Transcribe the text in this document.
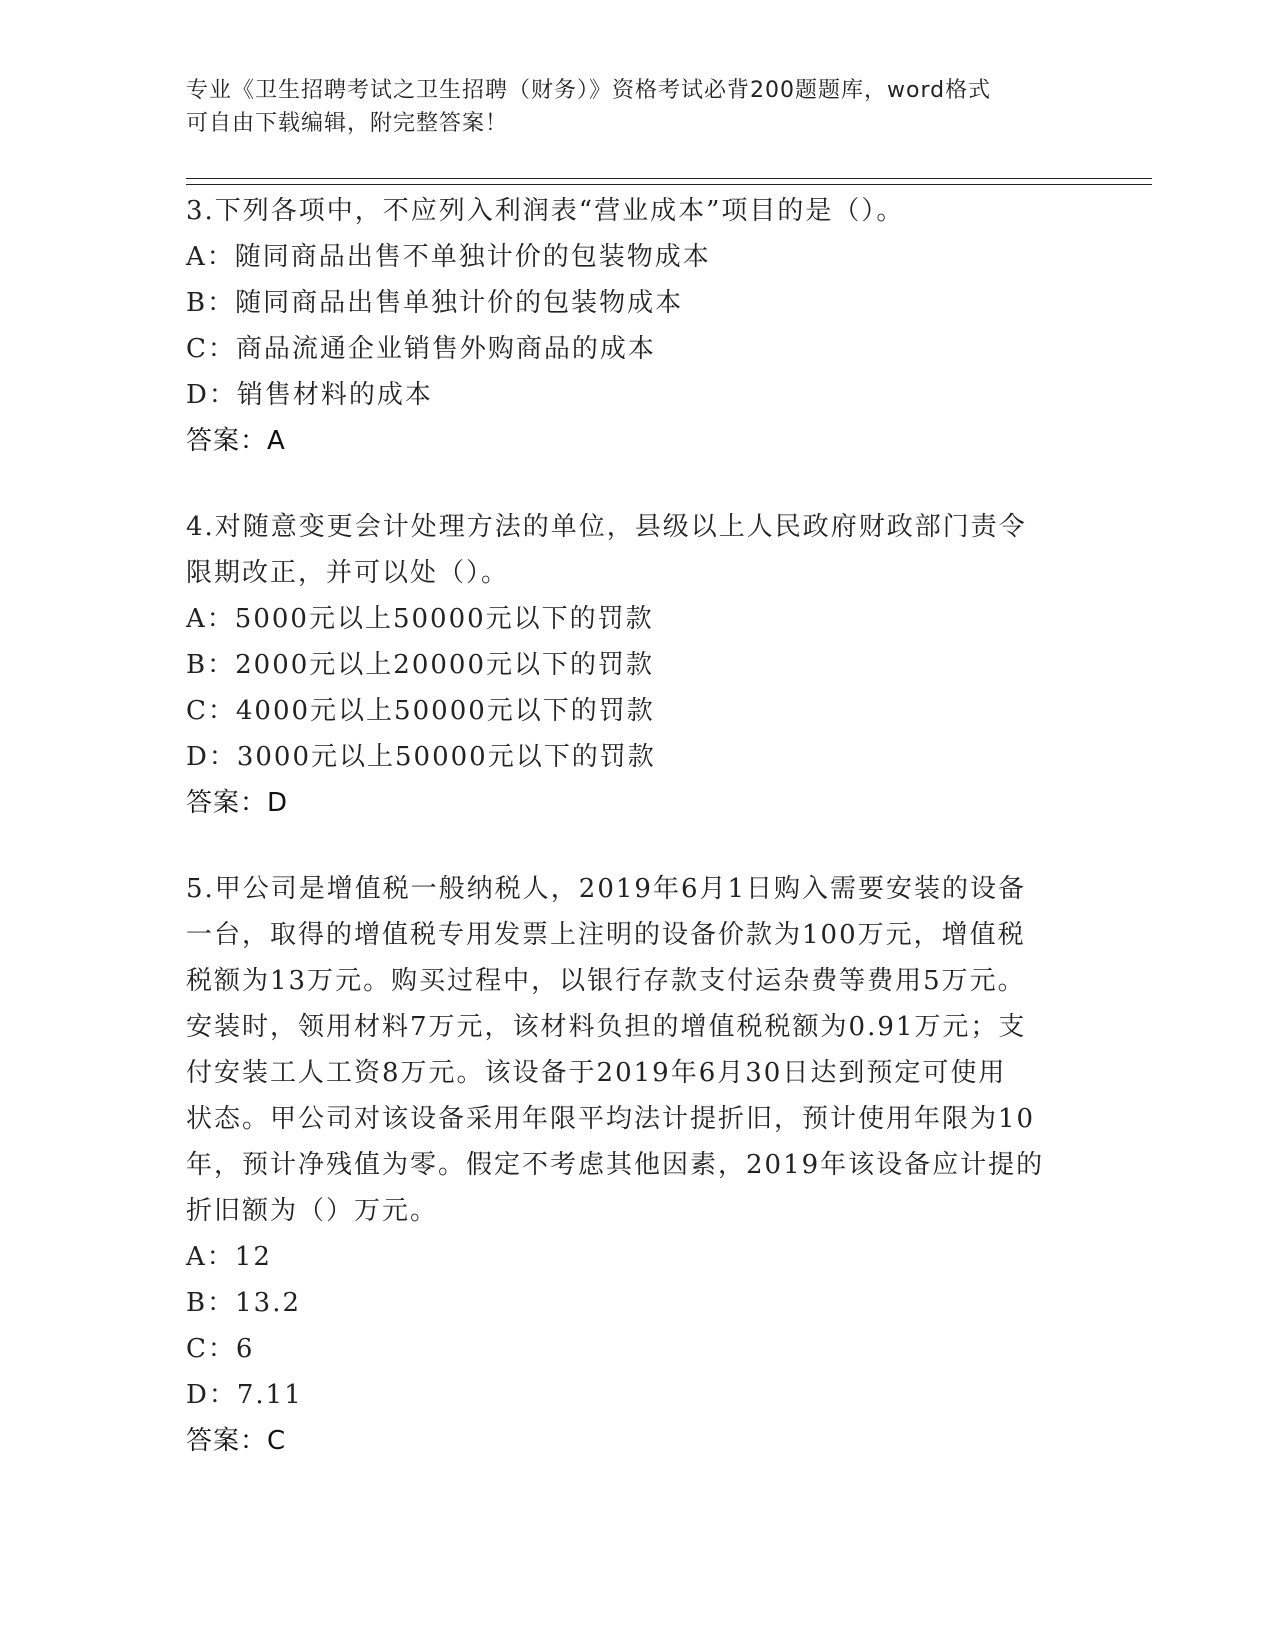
专业《卫生招聘考试之卫生招聘（财务）》资格考试必背200题题库，word格式
可自由下载编辑，附完整答案！
3.下列各项中，不应列入利润表“营业成本”项目的是（）。
A：随同商品出售不单独计价的包装物成本
B：随同商品出售单独计价的包装物成本
C：商品流通企业销售外购商品的成本
D：销售材料的成本
答案：A
4.对随意变更会计处理方法的单位，县级以上人民政府财政部门责令
限期改正，并可以处（）。
A：5000元以上50000元以下的罚款
B：2000元以上20000元以下的罚款
C：4000元以上50000元以下的罚款
D：3000元以上50000元以下的罚款
答案：D
5.甲公司是增值税一般纳税人，2019年6月1日购入需要安装的设备
一台，取得的增值税专用发票上注明的设备价款为100万元，增值税
税额为13万元。购买过程中，以银行存款支付运杂费等费用5万元。
安装时，领用材料7万元，该材料负担的增值税税额为0.91万元；支
付安装工人工资8万元。该设备于2019年6月30日达到预定可使用
状态。甲公司对该设备采用年限平均法计提折旧，预计使用年限为10
年，预计净残值为零。假定不考虑其他因素，2019年该设备应计提的
折旧额为（）万元。
A：12
B：13.2
C：6
D：7.11
答案：C
